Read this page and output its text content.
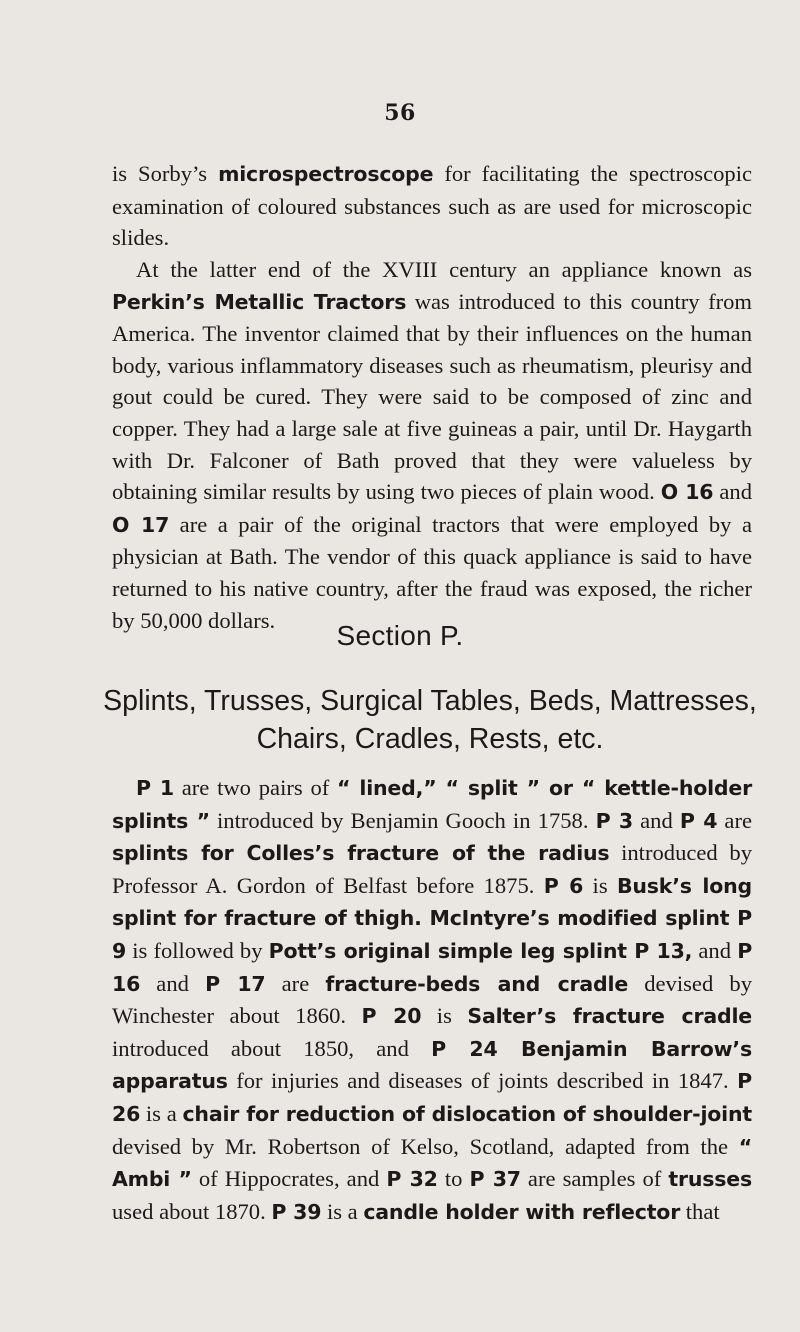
56

is Sorby’s microspectroscope for facilitating the spectroscopic examination of coloured substances such as are used for microscopic slides.

At the latter end of the XVIII century an appliance known as Perkin’s Metallic Tractors was introduced to this country from America. The inventor claimed that by their influences on the human body, various inflammatory diseases such as rheumatism, pleurisy and gout could be cured. They were said to be composed of zinc and copper. They had a large sale at five guineas a pair, until Dr. Haygarth with Dr. Falconer of Bath proved that they were valueless by obtaining similar results by using two pieces of plain wood. O 16 and O 17 are a pair of the original tractors that were employed by a physician at Bath. The vendor of this quack appliance is said to have returned to his native country, after the fraud was exposed, the richer by 50,000 dollars.	Section P.
Splints, Trusses, Surgical Tables, Beds, Mattresses,
Chairs, Cradles, Rests, etc.

P 1 are two pairs of “ lined,” “ split ” or “ kettle-holder splints ” introduced by Benjamin Gooch in 1758. P 3 and P 4 are splints for Colles’s fracture of the radius introduced by Professor A. Gordon of Belfast before 1875. P 6 is Busk’s long splint for fracture of thigh. McIntyre’s modified splint P 9 is followed by Pott’s original simple leg splint P 13, and P 16 and P 17 are fracture-beds and cradle devised by Winchester about 1860. P 20 is Salter’s fracture cradle introduced about 1850, and P 24 Benjamin Barrow’s apparatus for injuries and diseases of joints described in 1847. P 26 is a chair for reduction of dislocation of shoulder-joint devised by Mr. Robertson of Kelso, Scotland, adapted from the “ Ambi ” of Hippocrates, and P 32 to P 37 are samples of trusses used about 1870. P 39 is a candle holder with reflector that
